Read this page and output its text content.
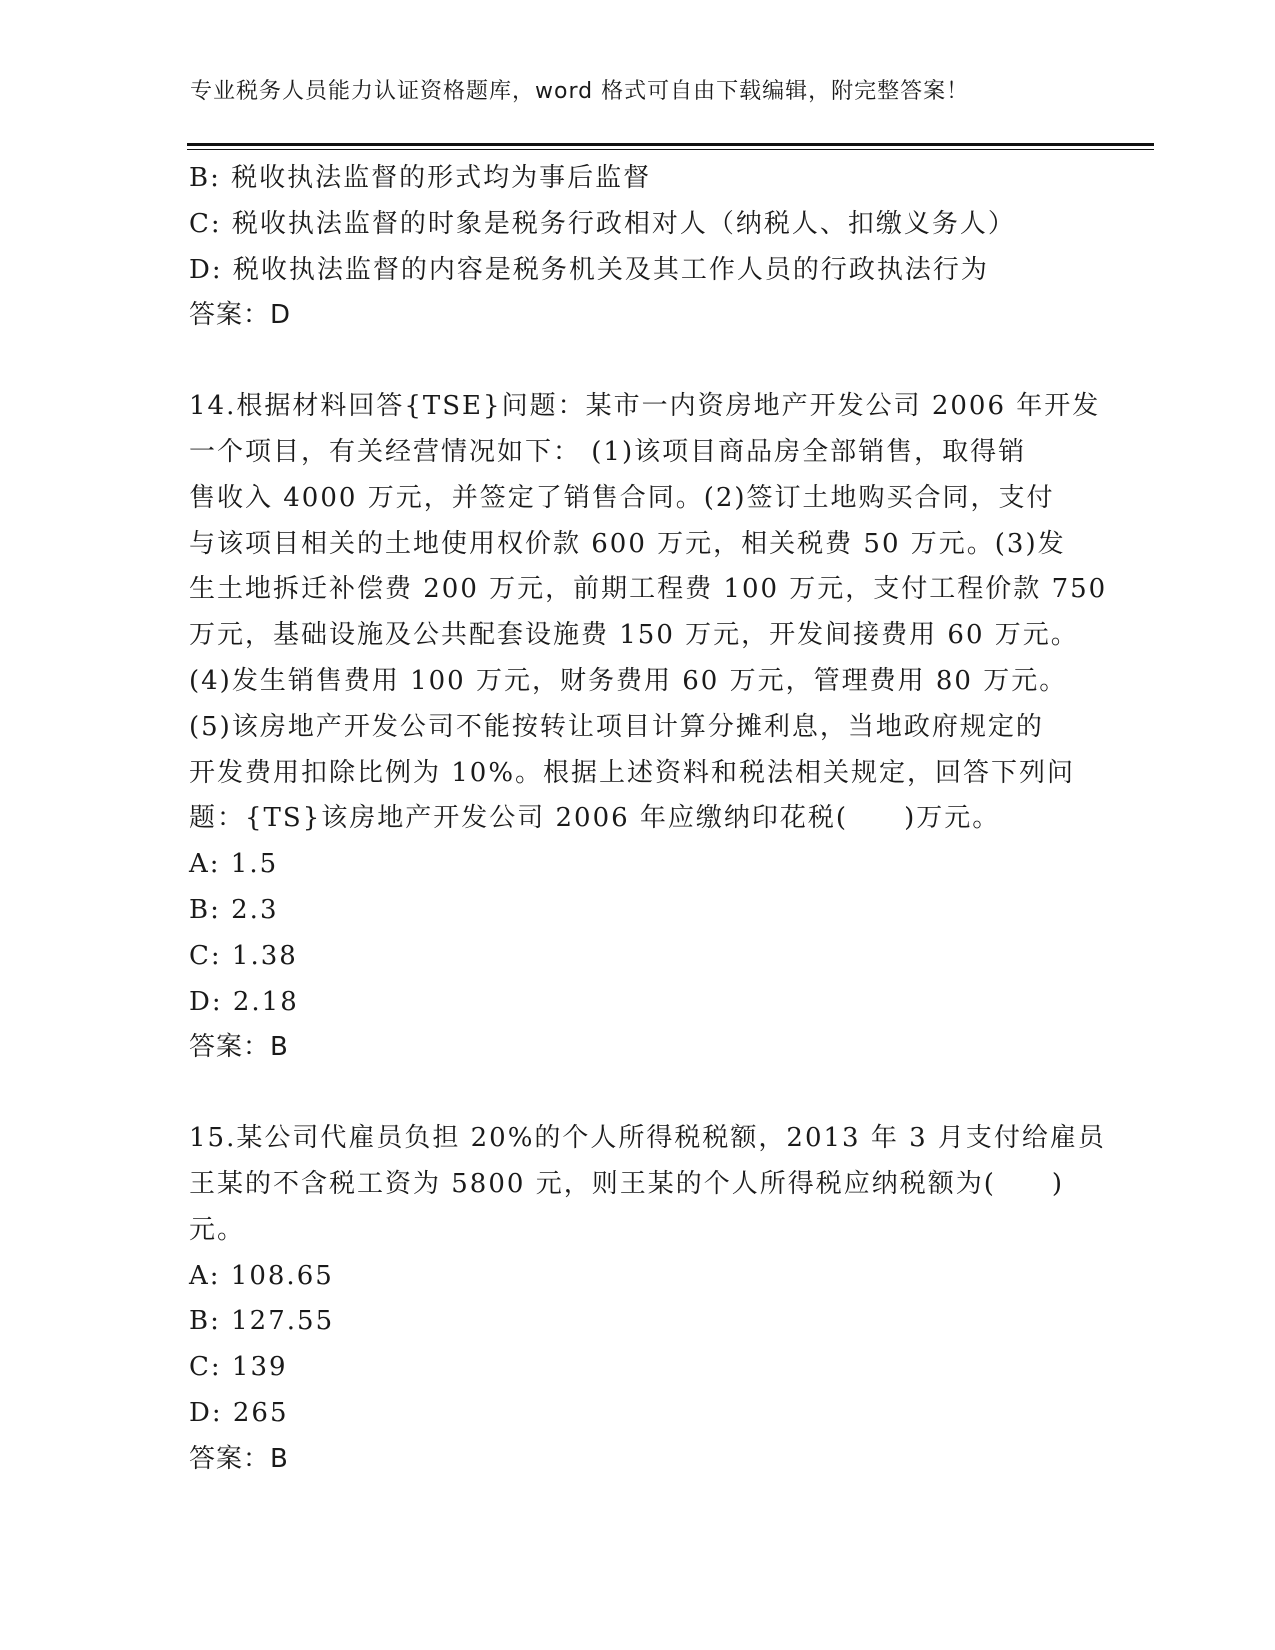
专业税务人员能力认证资格题库，word 格式可自由下载编辑，附完整答案！
B: 税收执法监督的形式均为事后监督
C: 税收执法监督的时象是税务行政相对人（纳税人、扣缴义务人）
D: 税收执法监督的内容是税务机关及其工作人员的行政执法行为
答案：D
14.根据材料回答{TSE}问题：某市一内资房地产开发公司 2006 年开发
一个项目，有关经营情况如下： (1)该项目商品房全部销售，取得销
售收入 4000 万元，并签定了销售合同。(2)签订土地购买合同，支付
与该项目相关的土地使用权价款 600 万元，相关税费 50 万元。(3)发
生土地拆迁补偿费 200 万元，前期工程费 100 万元，支付工程价款 750
万元，基础设施及公共配套设施费 150 万元，开发间接费用 60 万元。
(4)发生销售费用 100 万元，财务费用 60 万元，管理费用 80 万元。
(5)该房地产开发公司不能按转让项目计算分摊利息，当地政府规定的
开发费用扣除比例为 10%。根据上述资料和税法相关规定，回答下列问
题：{TS}该房地产开发公司 2006 年应缴纳印花税(　　)万元。
A: 1.5
B: 2.3
C: 1.38
D: 2.18
答案：B
15.某公司代雇员负担 20%的个人所得税税额，2013 年 3 月支付给雇员
王某的不含税工资为 5800 元，则王某的个人所得税应纳税额为(　　)
元。
A: 108.65
B: 127.55
C: 139
D: 265
答案：B
